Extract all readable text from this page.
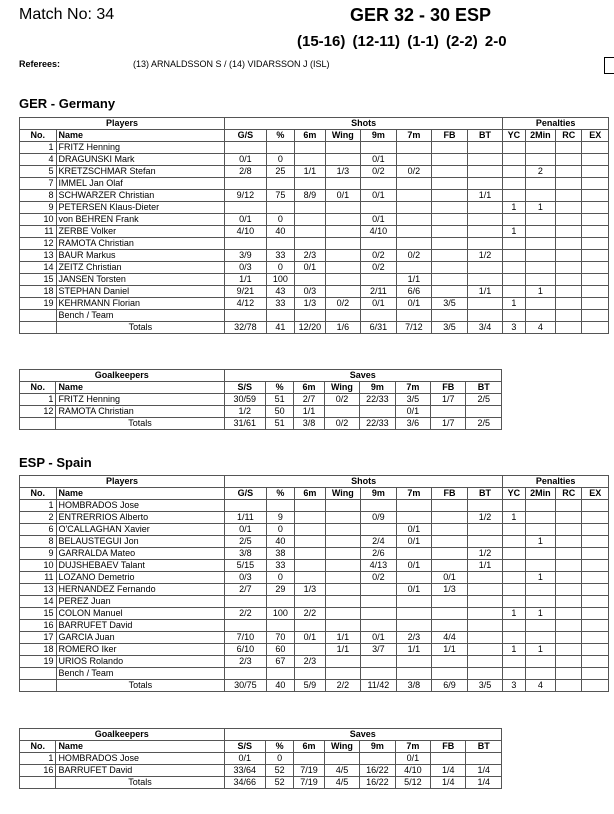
Match No: 34	GER 32 - 30 ESP
(15-16) (12-11) (1-1) (2-2) 2-0
Referees:	(13) ARNALDSSON S / (14) VIDARSSON J (ISL)
GER - Germany
ESP - Spain
Players		Shots								Penalties			
No.	Name	G/S	%	6m	Wing	9m	7m	FB	BT	YC	2Min	RC	EX
1	FRITZ Henning												
4	DRAGUNSKI Mark	0/1	0			0/1							
5	KRETZSCHMAR Stefan	2/8	25	1/1	1/3	0/2	0/2				2		
7	IMMEL Jan Olaf												
8	SCHWARZER Christian	9/12	75	8/9	0/1	0/1			1/1				
9	PETERSEN Klaus-Dieter									1	1		
10	von BEHREN Frank	0/1	0			0/1							
11	ZERBE Volker	4/10	40			4/10				1			
12	RAMOTA Christian												
13	BAUR Markus	3/9	33	2/3		0/2	0/2		1/2				
14	ZEITZ Christian	0/3	0	0/1		0/2							
15	JANSEN Torsten	1/1	100				1/1						
18	STEPHAN Daniel	9/21	43	0/3		2/11	6/6		1/1		1		
19	KEHRMANN Florian	4/12	33	1/3	0/2	0/1	0/1	3/5		1			
	Bench / Team												
	Totals	32/78	41	12/20	1/6	6/31	7/12	3/5	3/4	3	4		
Players		Shots								Penalties			
No.	Name	G/S	%	6m	Wing	9m	7m	FB	BT	YC	2Min	RC	EX
1	HOMBRADOS Jose												
2	ENTRERRIOS Alberto	1/11	9			0/9			1/2	1			
6	O'CALLAGHAN Xavier	0/1	0				0/1						
8	BELAUSTEGUI Jon	2/5	40			2/4	0/1				1		
9	GARRALDA Mateo	3/8	38			2/6			1/2				
10	DUJSHEBAEV Talant	5/15	33			4/13	0/1		1/1				
11	LOZANO Demetrio	0/3	0			0/2		0/1			1		
13	HERNANDEZ Fernando	2/7	29	1/3			0/1	1/3					
14	PEREZ Juan												
15	COLON Manuel	2/2	100	2/2						1	1		
16	BARRUFET David												
17	GARCIA Juan	7/10	70	0/1	1/1	0/1	2/3	4/4					
18	ROMERO Iker	6/10	60		1/1	3/7	1/1	1/1		1	1		
19	URIOS Rolando	2/3	67	2/3									
	Bench / Team												
	Totals	30/75	40	5/9	2/2	11/42	3/8	6/9	3/5	3	4		
Goalkeepers		Saves							
No.	Name	S/S	%	6m	Wing	9m	7m	FB	BT
1	FRITZ Henning	30/59	51	2/7	0/2	22/33	3/5	1/7	2/5
12	RAMOTA Christian	1/2	50	1/1			0/1		
	Totals	31/61	51	3/8	0/2	22/33	3/6	1/7	2/5
Goalkeepers		Saves							
No.	Name	S/S	%	6m	Wing	9m	7m	FB	BT
1	HOMBRADOS Jose	0/1	0				0/1		
16	BARRUFET David	33/64	52	7/19	4/5	16/22	4/10	1/4	1/4
	Totals	34/66	52	7/19	4/5	16/22	5/12	1/4	1/4
